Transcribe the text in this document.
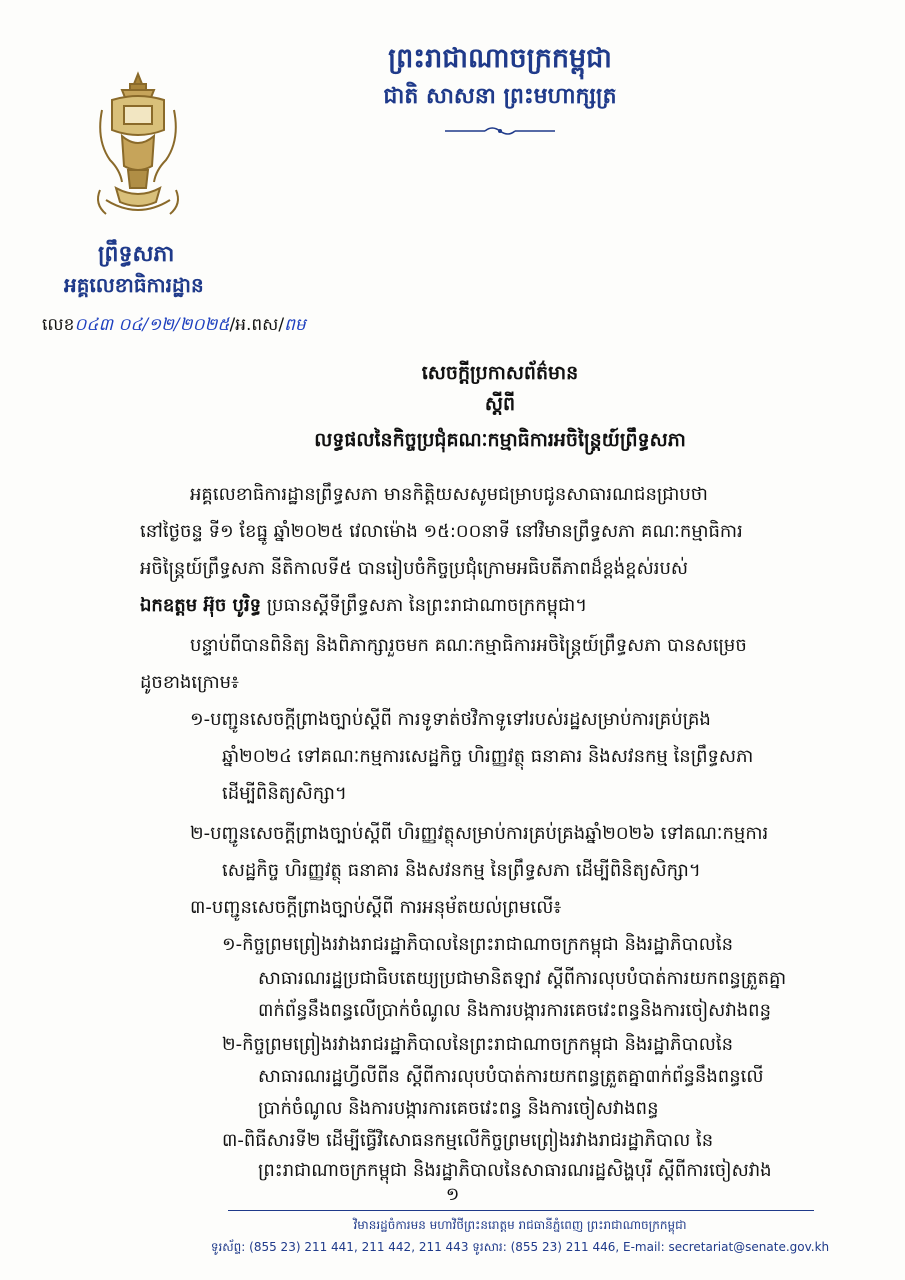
ព្រះរាជាណាចក្រកម្ពុជា
ជាតិ សាសនា ព្រះមហាក្សត្រ
ព្រឹទ្ធសភា
អគ្គលេខាធិការដ្ឋាន
លេខ០៤៣ ០៤/១២/២០២៥/អ.ពស/ពម
សេចក្តីប្រកាសព័ត៌មាន
ស្តីពី
លទ្ធផលនៃកិច្ចប្រជុំគណៈកម្មាធិការអចិន្ត្រៃយ៍ព្រឹទ្ធសភា
អគ្គលេខាធិការដ្ឋានព្រឹទ្ធសភា មានកិត្តិយសសូមជម្រាបជូនសាធារណជនជ្រាបថា
នៅថ្ងៃចន្ទ ទី១ ខែធ្នូ ឆ្នាំ២០២៥ វេលាម៉ោង ១៥:០០នាទី នៅវិមានព្រឹទ្ធសភា គណៈកម្មាធិការ
អចិន្ត្រៃយ៍ព្រឹទ្ធសភា នីតិកាលទី៥ បានរៀបចំកិច្ចប្រជុំក្រោមអធិបតីភាពដ៏ខ្ពង់ខ្ពស់របស់
ឯកឧត្តម អ៊ុច បូរិទ្ធ ប្រធានស្តីទីព្រឹទ្ធសភា នៃព្រះរាជាណាចក្រកម្ពុជា។
បន្ទាប់ពីបានពិនិត្យ និងពិភាក្សារួចមក គណៈកម្មាធិការអចិន្ត្រៃយ៍ព្រឹទ្ធសភា បានសម្រេច
ដូចខាងក្រោម៖
១-បញ្ជូនសេចក្តីព្រាងច្បាប់ស្តីពី ការទូទាត់ថវិកាទូទៅរបស់រដ្ឋសម្រាប់ការគ្រប់គ្រង
ឆ្នាំ២០២៤ ទៅគណៈកម្មការសេដ្ឋកិច្ច ហិរញ្ញវត្ថុ ធនាគារ និងសវនកម្ម នៃព្រឹទ្ធសភា
ដើម្បីពិនិត្យសិក្សា។
២-បញ្ជូនសេចក្តីព្រាងច្បាប់ស្តីពី ហិរញ្ញវត្ថុសម្រាប់ការគ្រប់គ្រងឆ្នាំ២០២៦ ទៅគណៈកម្មការ
សេដ្ឋកិច្ច ហិរញ្ញវត្ថុ ធនាគារ និងសវនកម្ម នៃព្រឹទ្ធសភា ដើម្បីពិនិត្យសិក្សា។
៣-បញ្ជូនសេចក្តីព្រាងច្បាប់ស្តីពី ការអនុម័តយល់ព្រមលើ៖
១-កិច្ចព្រមព្រៀងរវាងរាជរដ្ឋាភិបាលនៃព្រះរាជាណាចក្រកម្ពុជា និងរដ្ឋាភិបាលនៃ
សាធារណរដ្ឋប្រជាធិបតេយ្យប្រជាមានិតឡាវ ស្តីពីការលុបបំបាត់ការយកពន្ធត្រួតគ្នា
៣ក់ព័ន្ធនឹងពន្ធលើប្រាក់ចំណូល និងការបង្ការការគេចវេះពន្ធនិងការចៀសវាងពន្ធ
២-កិច្ចព្រមព្រៀងរវាងរាជរដ្ឋាភិបាលនៃព្រះរាជាណាចក្រកម្ពុជា និងរដ្ឋាភិបាលនៃ
សាធារណរដ្ឋហ្វីលីពីន ស្តីពីការលុបបំបាត់ការយកពន្ធត្រួតគ្នា៣ក់ព័ន្ធនឹងពន្ធលើ
ប្រាក់ចំណូល និងការបង្ការការគេចវេះពន្ធ និងការចៀសវាងពន្ធ
៣-ពិធីសារទី២ ដើម្បីធ្វើវិសោធនកម្មលើកិច្ចព្រមព្រៀងរវាងរាជរដ្ឋាភិបាល នៃ
១
វិមានរដ្ឋចំការមន មហាវិថីព្រះនរោត្តម រាជធានីភ្នំពេញ ព្រះរាជាណាចក្រកម្ពុជា
ទូរស័ព្ទ: (855 23) 211 441, 211 442, 211 443 ទូរសារ: (855 23) 211 446, E-mail: secretariat@senate.gov.kh
ព្រះរាជាណាចក្រកម្ពុជា និងរដ្ឋាភិបាលនៃសាធារណរដ្ឋសិង្ហបុរី ស្តីពីការចៀសវាង
